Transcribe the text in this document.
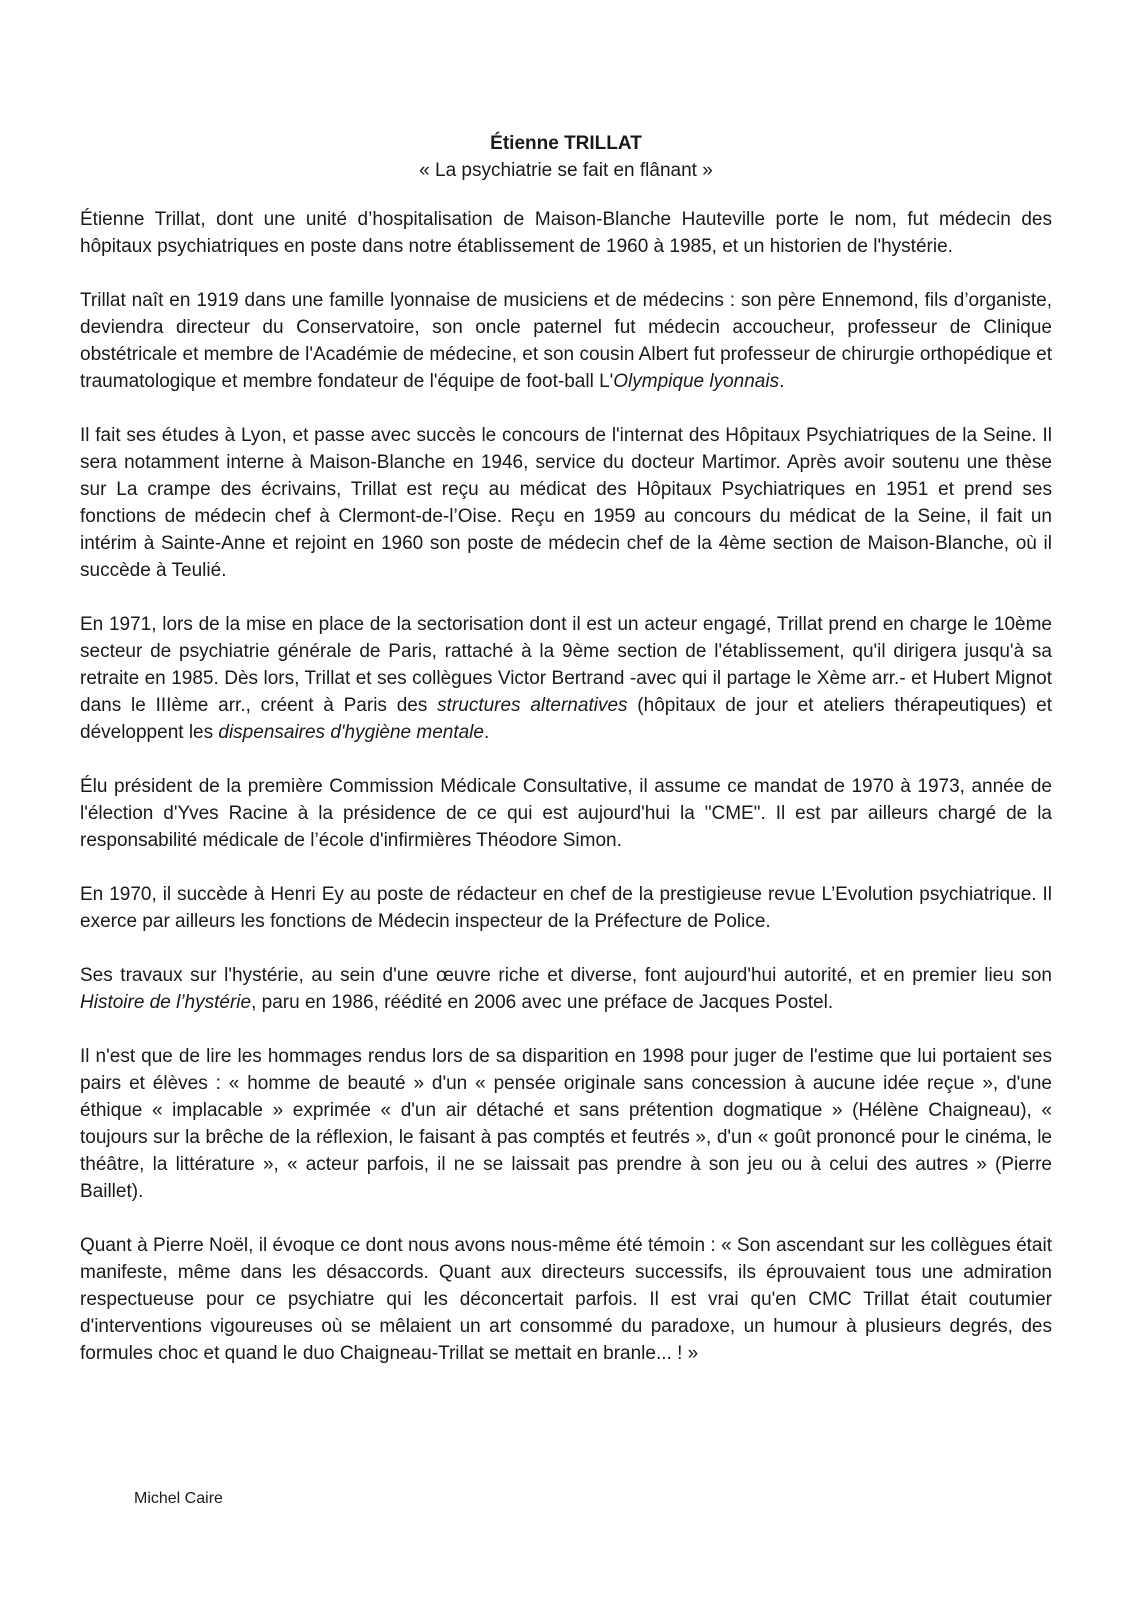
Étienne TRILLAT
« La psychiatrie se fait en flânant »

Étienne Trillat, dont une unité d’hospitalisation de Maison-Blanche Hauteville porte le nom, fut médecin des hôpitaux psychiatriques en poste dans notre établissement de 1960 à 1985, et un historien de l'hystérie.

Trillat naît en 1919 dans une famille lyonnaise de musiciens et de médecins : son père Ennemond, fils d’organiste, deviendra directeur du Conservatoire, son oncle paternel fut médecin accoucheur, professeur de Clinique obstétricale et membre de l'Académie de médecine, et son cousin Albert fut professeur de chirurgie orthopédique et traumatologique et membre fondateur de l'équipe de foot-ball L'Olympique lyonnais.

Il fait ses études à Lyon, et passe avec succès le concours de l'internat des Hôpitaux Psychiatriques de la Seine. Il sera notamment interne à Maison-Blanche en 1946, service du docteur Martimor. Après avoir soutenu une thèse sur La crampe des écrivains, Trillat est reçu au médicat des Hôpitaux Psychiatriques en 1951 et prend ses fonctions de médecin chef à Clermont-de-l’Oise. Reçu en 1959 au concours du médicat de la Seine, il fait un intérim à Sainte-Anne et rejoint en 1960 son poste de médecin chef de la 4ème section de Maison-Blanche, où il succède à Teulié.

En 1971, lors de la mise en place de la sectorisation dont il est un acteur engagé, Trillat prend en charge le 10ème secteur de psychiatrie générale de Paris, rattaché à la 9ème section de l'établissement, qu'il dirigera jusqu'à sa retraite en 1985. Dès lors, Trillat et ses collègues Victor Bertrand -avec qui il partage le Xème arr.- et Hubert Mignot dans le IIIème arr., créent à Paris des structures alternatives (hôpitaux de jour et ateliers thérapeutiques) et développent les dispensaires d'hygiène mentale.

Élu président de la première Commission Médicale Consultative, il assume ce mandat de 1970 à 1973, année de l'élection d'Yves Racine à la présidence de ce qui est aujourd'hui la "CME". Il est par ailleurs chargé de la responsabilité médicale de l’école d'infirmières Théodore Simon.

En 1970, il succède à Henri Ey au poste de rédacteur en chef de la prestigieuse revue L’Evolution psychiatrique. Il exerce par ailleurs les fonctions de Médecin inspecteur de la Préfecture de Police.

Ses travaux sur l'hystérie, au sein d'une œuvre riche et diverse, font aujourd'hui autorité, et en premier lieu son Histoire de l’hystérie, paru en 1986, réédité en 2006 avec une préface de Jacques Postel.

Il n'est que de lire les hommages rendus lors de sa disparition en 1998 pour juger de l'estime que lui portaient ses pairs et élèves : « homme de beauté » d'un « pensée originale sans concession à aucune idée reçue », d'une éthique « implacable » exprimée « d'un air détaché et sans prétention dogmatique » (Hélène Chaigneau), « toujours sur la brêche de la réflexion, le faisant à pas comptés et feutrés », d'un « goût prononcé pour le cinéma, le théâtre, la littérature », « acteur parfois, il ne se laissait pas prendre à son jeu ou à celui des autres » (Pierre Baillet).

Quant à Pierre Noël, il évoque ce dont nous avons nous-même été témoin : « Son ascendant sur les collègues était manifeste, même dans les désaccords. Quant aux directeurs successifs, ils éprouvaient tous une admiration respectueuse pour ce psychiatre qui les déconcertait parfois. Il est vrai qu'en CMC Trillat était coutumier d'interventions vigoureuses où se mêlaient un art consommé du paradoxe, un humour à plusieurs degrés, des formules choc et quand le duo Chaigneau-Trillat se mettait en branle... ! »

Michel Caire
